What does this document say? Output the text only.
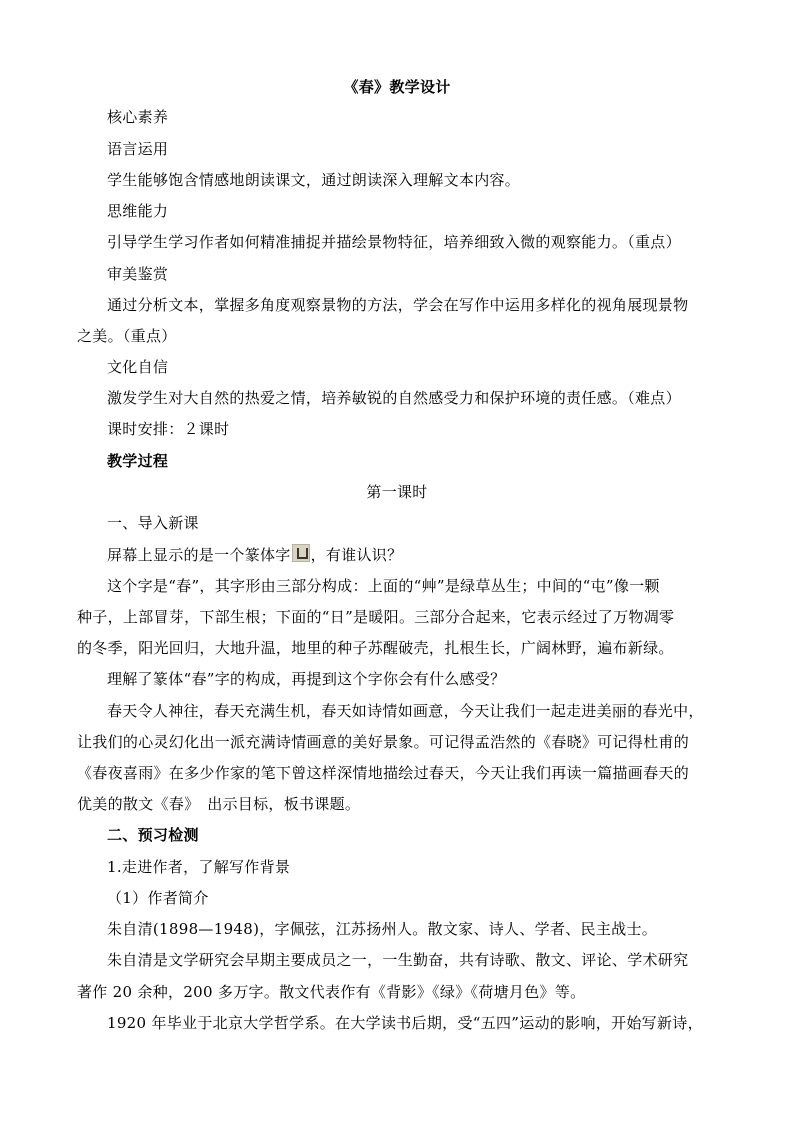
《春》教学设计
核心素养
语言运用
学生能够饱含情感地朗读课文，通过朗读深入理解文本内容。
思维能力
引导学生学习作者如何精准捕捉并描绘景物特征，培养细致入微的观察能力。（重点）
审美鉴赏
通过分析文本，掌握多角度观察景物的方法，学会在写作中运用多样化的视角展现景物
之美。（重点）
文化自信
激发学生对大自然的热爱之情，培养敏锐的自然感受力和保护环境的责任感。（难点）
课时安排：２课时
教学过程
第一课时
一、导入新课
屏幕上显示的是一个篆体字 ，有谁认识？
这个字是“春”，其字形由三部分构成：上面的“艸”是绿草丛生；中间的“屯”像一颗
种子，上部冒芽，下部生根；下面的“日”是暖阳。三部分合起来，它表示经过了万物凋零
的冬季，阳光回归，大地升温，地里的种子苏醒破壳，扎根生长，广阔林野，遍布新绿。
理解了篆体“春”字的构成，再提到这个字你会有什么感受？
春天令人神往，春天充满生机，春天如诗情如画意，今天让我们一起走进美丽的春光中，
让我们的心灵幻化出一派充满诗情画意的美好景象。可记得孟浩然的《春晓》可记得杜甫的
《春夜喜雨》在多少作家的笔下曾这样深情地描绘过春天，今天让我们再读一篇描画春天的
优美的散文《春》　出示目标，板书课题。
二、预习检测
1.走进作者，了解写作背景
（1）作者简介
朱自清(1898—1948)，字佩弦，江苏扬州人。散文家、诗人、学者、民主战士。
朱自清是文学研究会早期主要成员之一，一生勤奋，共有诗歌、散文、评论、学术研究
著作 20 余种，200 多万字。散文代表作有《背影》《绿》《荷塘月色》等。
1920 年毕业于北京大学哲学系。在大学读书后期，受“五四”运动的影响，开始写新诗，
